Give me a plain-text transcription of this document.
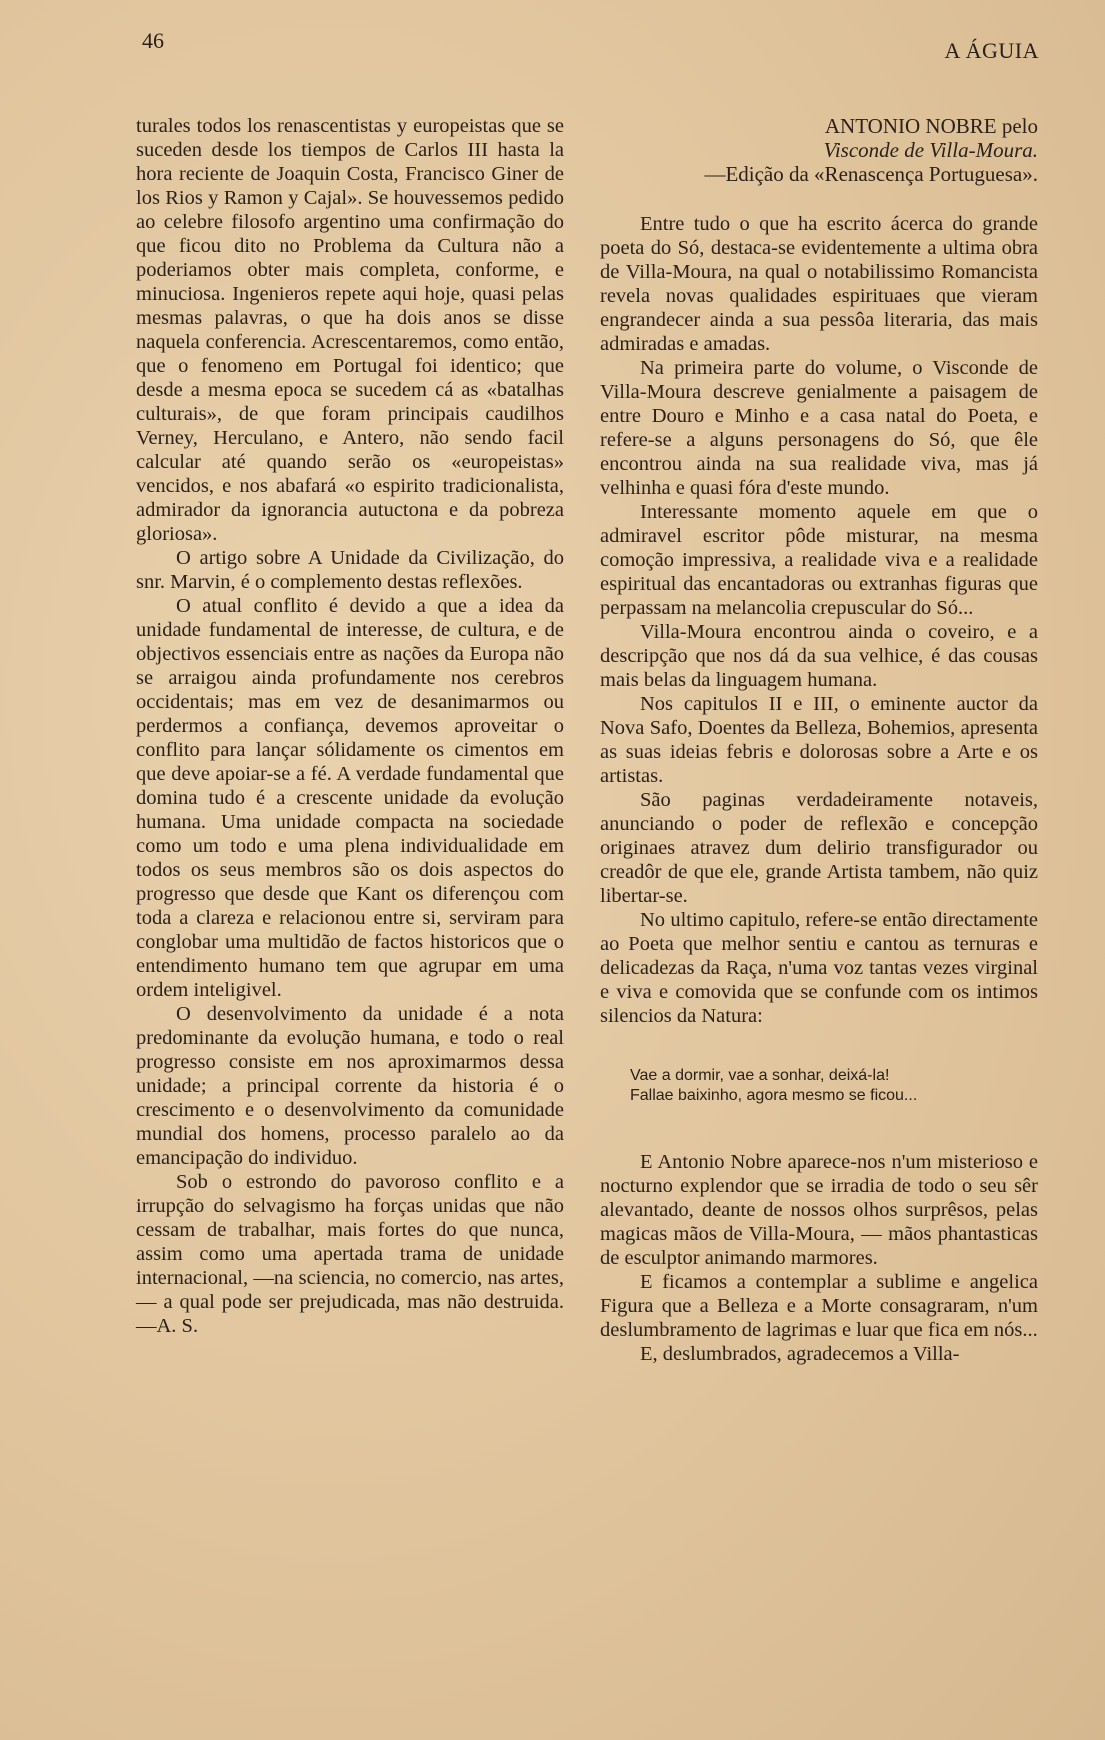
46	A ÁGUIA

turales todos los renascentistas y europeistas que se suceden desde los tiempos de Carlos III hasta la hora reciente de Joaquin Costa, Francisco Giner de los Rios y Ramon y Cajal». Se houvessemos pedido ao celebre filosofo argentino uma confirmação do que ficou dito no Problema da Cultura não a poderiamos obter mais completa, conforme, e minuciosa. Ingenieros repete aqui hoje, quasi pelas mesmas palavras, o que ha dois anos se disse naquela conferencia. Acrescentaremos, como então, que o fenomeno em Portugal foi identico; que desde a mesma epoca se sucedem cá as «batalhas culturais», de que foram principais caudilhos Verney, Herculano, e Antero, não sendo facil calcular até quando serão os «europeistas» vencidos, e nos abafará «o espirito tradicionalista, admirador da ignorancia autuctona e da pobreza gloriosa».

O artigo sobre A Unidade da Civilização, do snr. Marvin, é o complemento destas reflexões.

O atual conflito é devido a que a idea da unidade fundamental de interesse, de cultura, e de objectivos essenciais entre as nações da Europa não se arraigou ainda profundamente nos cerebros occidentais; mas em vez de desanimarmos ou perdermos a confiança, devemos aproveitar o conflito para lançar sólidamente os cimentos em que deve apoiar-se a fé. A verdade fundamental que domina tudo é a crescente unidade da evolução humana. Uma unidade compacta na sociedade como um todo e uma plena individualidade em todos os seus membros são os dois aspectos do progresso que desde que Kant os diferençou com toda a clareza e relacionou entre si, serviram para conglobar uma multidão de factos historicos que o entendimento humano tem que agrupar em uma ordem inteligivel.

O desenvolvimento da unidade é a nota predominante da evolução humana, e todo o real progresso consiste em nos aproximarmos dessa unidade; a principal corrente da historia é o crescimento e o desenvolvimento da comunidade mundial dos homens, processo paralelo ao da emancipação do individuo.

Sob o estrondo do pavoroso conflito e a irrupção do selvagismo ha forças unidas que não cessam de trabalhar, mais fortes do que nunca, assim como uma apertada trama de unidade internacional, —na sciencia, no comercio, nas artes,— a qual pode ser prejudicada, mas não destruida. —A. S.

ANTONIO NOBRE pelo
Visconde de Villa-Moura.
—Edição da «Renascença Portuguesa».

Entre tudo o que ha escrito ácerca do grande poeta do Só, destaca-se evidentemente a ultima obra de Villa-Moura, na qual o notabilissimo Romancista revela novas qualidades espirituaes que vieram engrandecer ainda a sua pessôa literaria, das mais admiradas e amadas.

Na primeira parte do volume, o Visconde de Villa-Moura descreve genialmente a paisagem de entre Douro e Minho e a casa natal do Poeta, e refere-se a alguns personagens do Só, que êle encontrou ainda na sua realidade viva, mas já velhinha e quasi fóra d'este mundo.

Interessante momento aquele em que o admiravel escritor pôde misturar, na mesma comoção impressiva, a realidade viva e a realidade espiritual das encantadoras ou extranhas figuras que perpassam na melancolia crepuscular do Só...

Villa-Moura encontrou ainda o coveiro, e a descripção que nos dá da sua velhice, é das cousas mais belas da linguagem humana.

Nos capitulos II e III, o eminente auctor da Nova Safo, Doentes da Belleza, Bohemios, apresenta as suas ideias febris e dolorosas sobre a Arte e os artistas.

São paginas verdadeiramente notaveis, anunciando o poder de reflexão e concepção originaes atravez dum delirio transfigurador ou creadôr de que ele, grande Artista tambem, não quiz libertar-se.

No ultimo capitulo, refere-se então directamente ao Poeta que melhor sentiu e cantou as ternuras e delicadezas da Raça, n'uma voz tantas vezes virginal e viva e comovida que se confunde com os intimos silencios da Natura:

Vae a dormir, vae a sonhar, deixá-la!
Fallae baixinho, agora mesmo se ficou...

E Antonio Nobre aparece-nos n'um misterioso e nocturno explendor que se irradia de todo o seu sêr alevantado, deante de nossos olhos surprêsos, pelas magicas mãos de Villa-Moura, — mãos phantasticas de esculptor animando marmores.

E ficamos a contemplar a sublime e angelica Figura que a Belleza e a Morte consagraram, n'um deslumbramento de lagrimas e luar que fica em nós...

E, deslumbrados, agradecemos a Villa-
